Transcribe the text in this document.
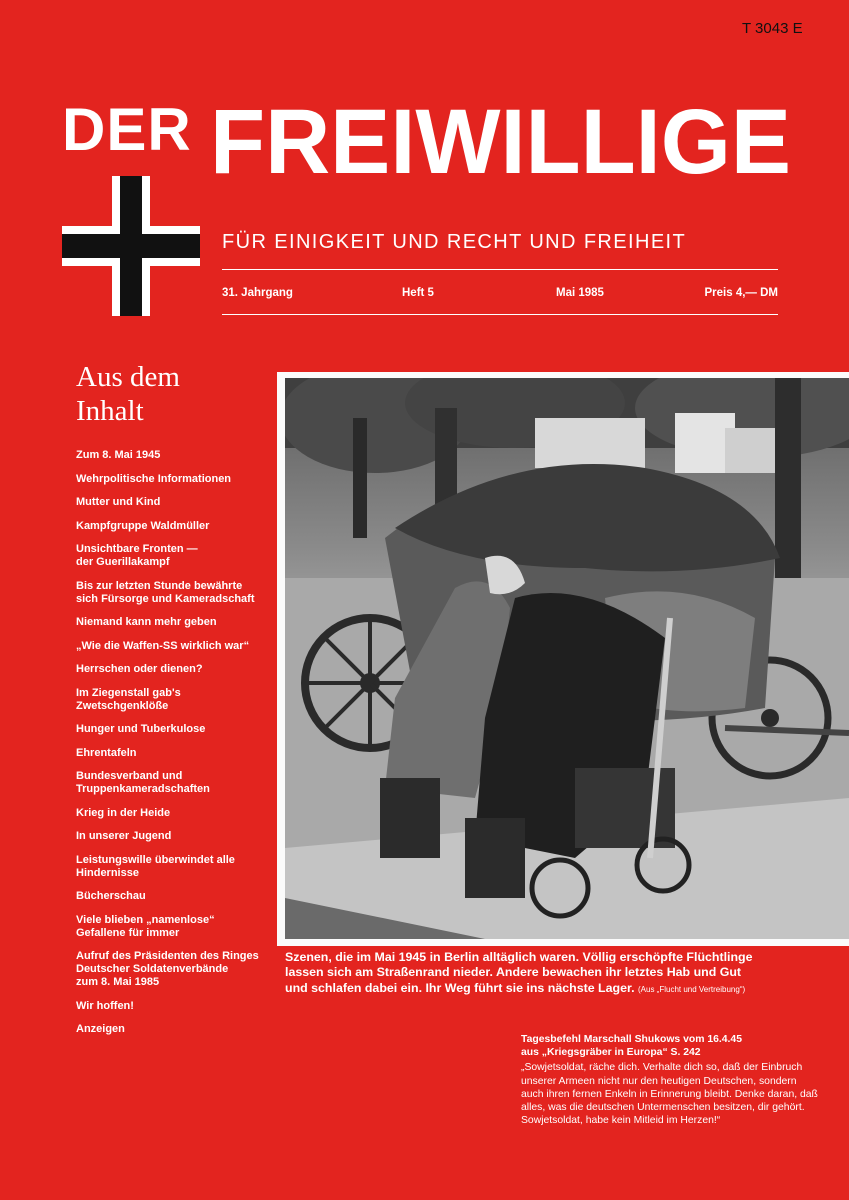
T 3043 E
DER FREIWILLIGE
FÜR EINIGKEIT UND RECHT UND FREIHEIT
31. Jahrgang	Heft 5	Mai 1985	Preis 4,— DM
Aus dem
Inhalt
Zum 8. Mai 1945
Wehrpolitische Informationen
Mutter und Kind
Kampfgruppe Waldmüller
Unsichtbare Fronten —
der Guerillakampf
Bis zur letzten Stunde bewährte
sich Fürsorge und Kameradschaft
Niemand kann mehr geben
„Wie die Waffen-SS wirklich war“
Herrschen oder dienen?
Im Ziegenstall gab's
Zwetschgenklöße
Hunger und Tuberkulose
Ehrentafeln
Bundesverband und
Truppenkameradschaften
Krieg in der Heide
In unserer Jugend
Leistungswille überwindet alle
Hindernisse
Bücherschau
Viele blieben „namenlose“
Gefallene für immer
Aufruf des Präsidenten des Ringes
Deutscher Soldatenverbände
zum 8. Mai 1985
Wir hoffen!
Anzeigen
Szenen, die im Mai 1945 in Berlin alltäglich waren. Völlig erschöpfte Flüchtlinge lassen sich am Straßenrand nieder. Andere bewachen ihr letztes Hab und Gut und schlafen dabei ein. Ihr Weg führt sie ins nächste Lager. (Aus „Flucht und Vertreibung“)

Tagesbefehl Marschall Shukows vom 16.4.45

aus „Kriegsgräber in Europa“ S. 242

„Sowjetsoldat, räche dich. Verhalte dich so, daß der Einbruch unserer Armeen nicht nur den heutigen Deutschen, sondern auch ihren fernen Enkeln in Erinnerung bleibt. Denke daran, daß alles, was die deutschen Untermenschen besitzen, dir gehört. Sowjetsoldat, habe kein Mitleid im Herzen!“
